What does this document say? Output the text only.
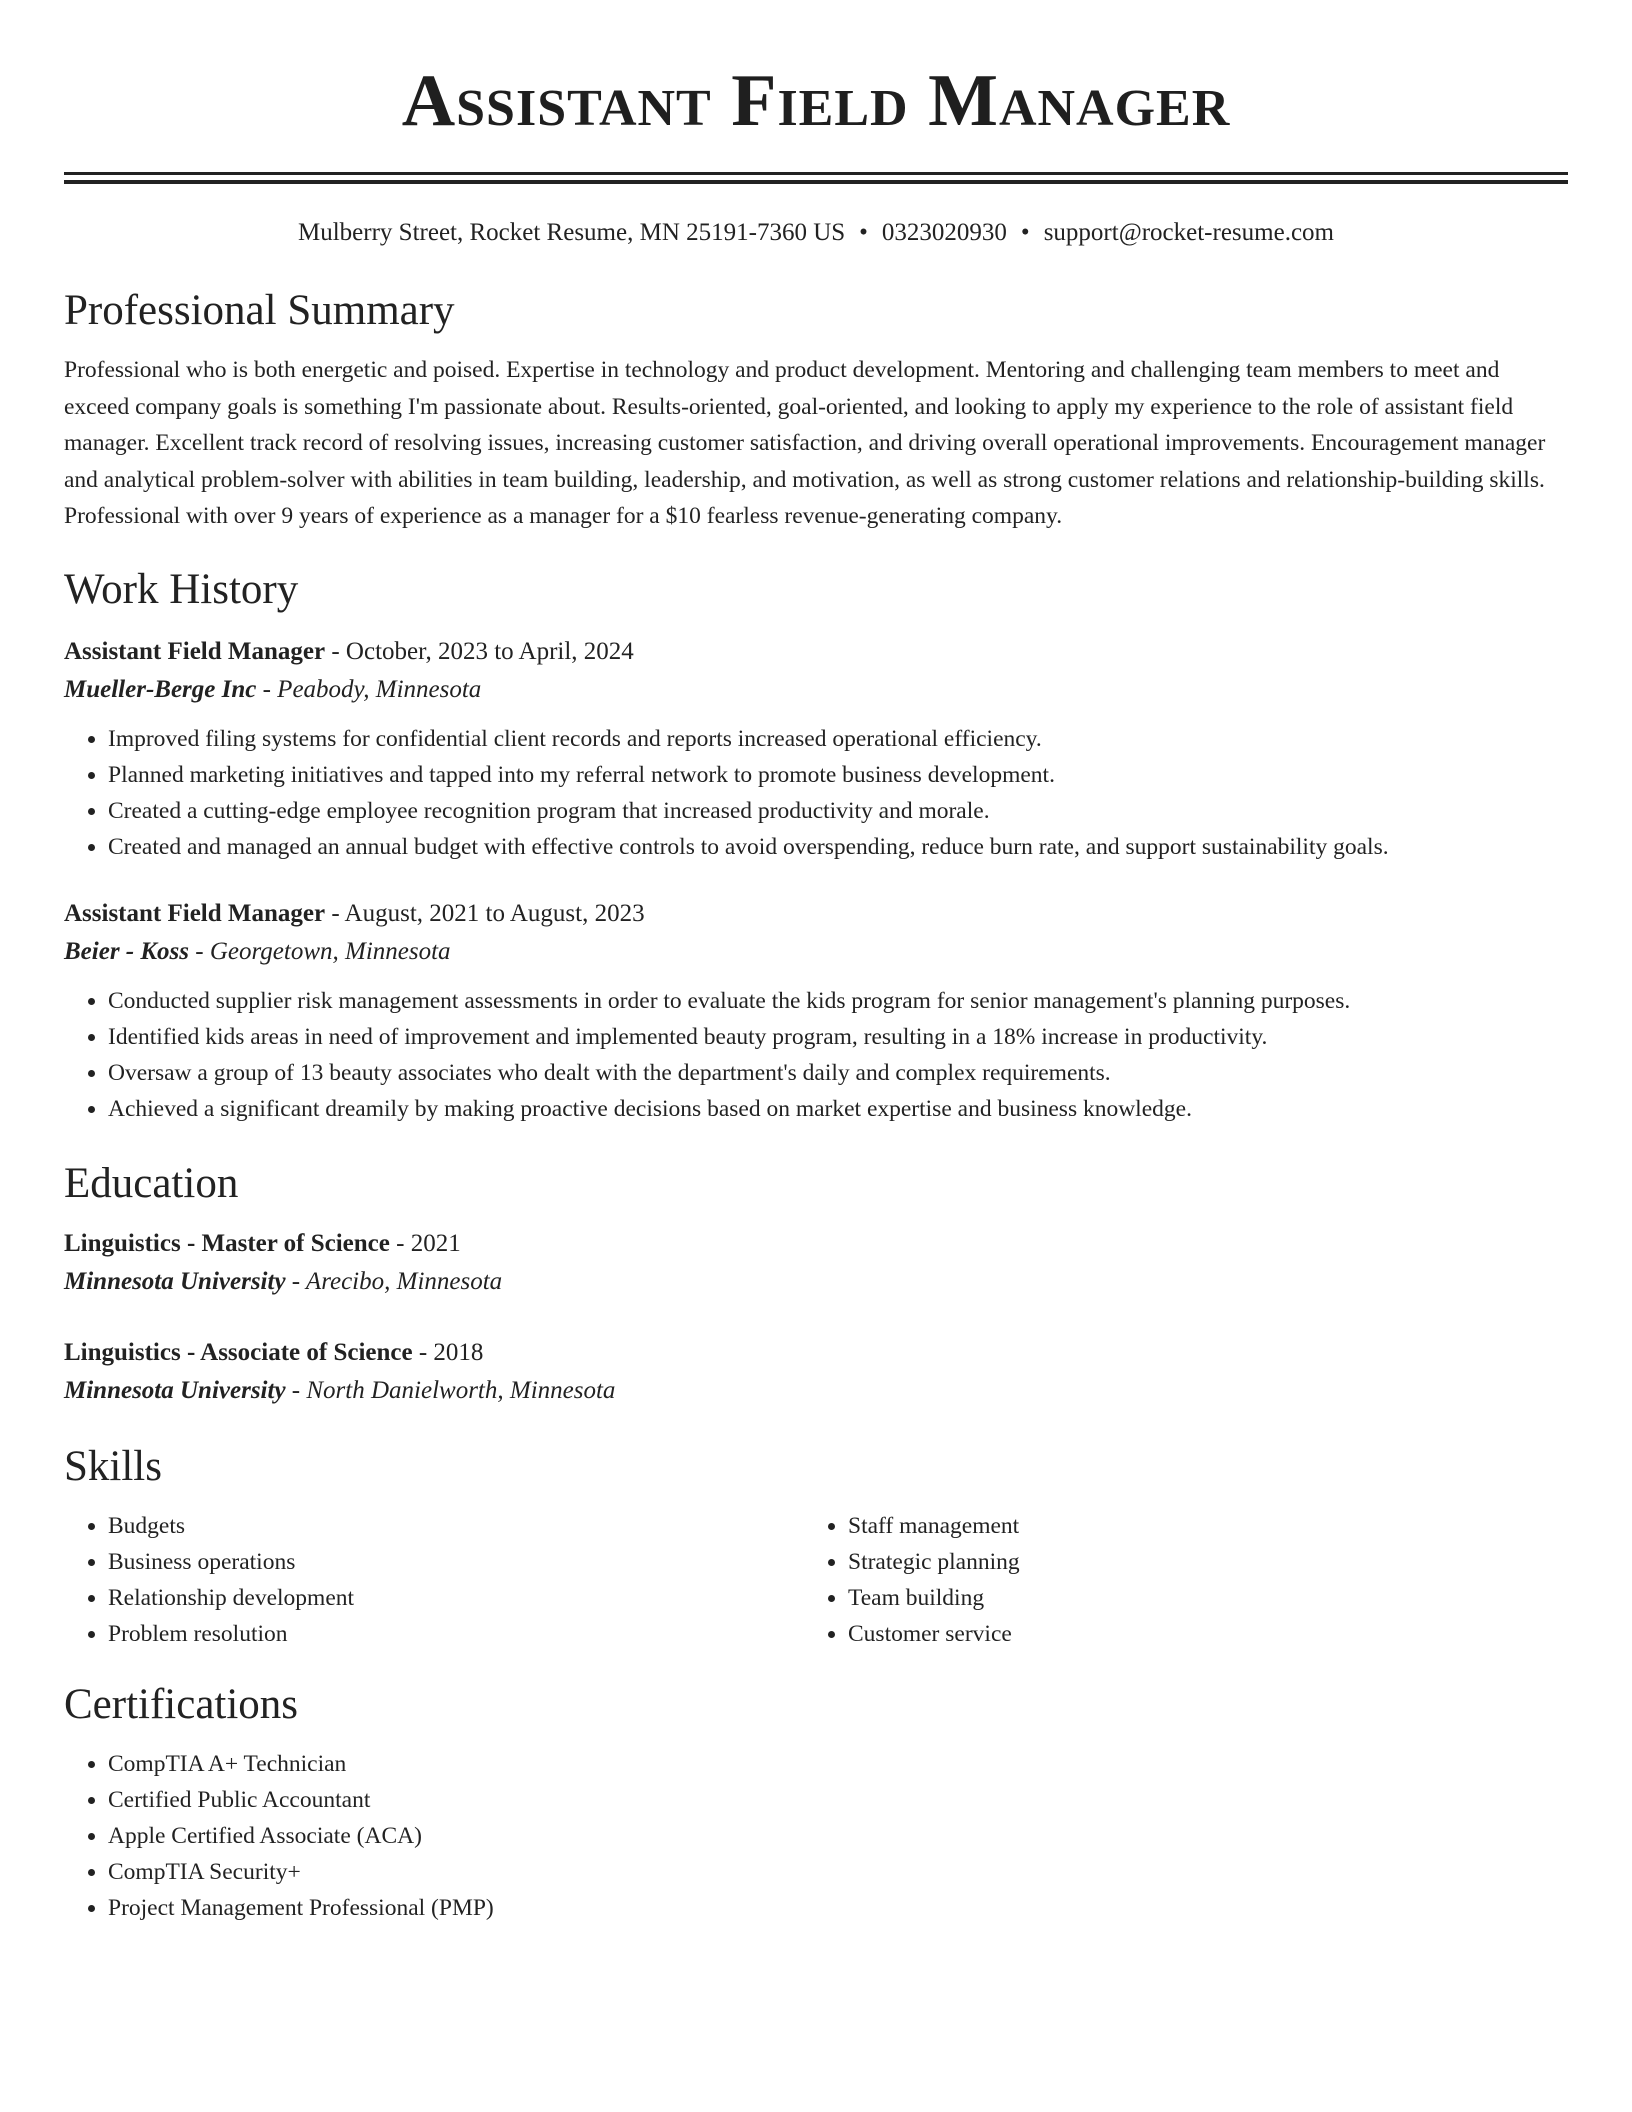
Assistant Field Manager
Mulberry Street, Rocket Resume, MN 25191-7360 US • 0323020930 • support@rocket-resume.com
Professional Summary

Professional who is both energetic and poised. Expertise in technology and product development. Mentoring and challenging team members to meet and exceed company goals is something I'm passionate about. Results-oriented, goal-oriented, and looking to apply my experience to the role of assistant field manager. Excellent track record of resolving issues, increasing customer satisfaction, and driving overall operational improvements. Encouragement manager and analytical problem-solver with abilities in team building, leadership, and motivation, as well as strong customer relations and relationship-building skills. Professional with over 9 years of experience as a manager for a $10 fearless revenue-generating company.

Work History
Assistant Field Manager - October, 2023 to April, 2024
Mueller-Berge Inc - Peabody, Minnesota
• Improved filing systems for confidential client records and reports increased operational efficiency.
• Planned marketing initiatives and tapped into my referral network to promote business development.
• Created a cutting-edge employee recognition program that increased productivity and morale.
• Created and managed an annual budget with effective controls to avoid overspending, reduce burn rate, and support sustainability goals.
Assistant Field Manager - August, 2021 to August, 2023
Beier - Koss - Georgetown, Minnesota
• Conducted supplier risk management assessments in order to evaluate the kids program for senior management's planning purposes.
• Identified kids areas in need of improvement and implemented beauty program, resulting in a 18% increase in productivity.
• Oversaw a group of 13 beauty associates who dealt with the department's daily and complex requirements.
• Achieved a significant dreamily by making proactive decisions based on market expertise and business knowledge.
Education
Linguistics - Master of Science - 2021
Minnesota University - Arecibo, Minnesota
Linguistics - Associate of Science - 2018
Minnesota University - North Danielworth, Minnesota
Skills
• Budgets
• Business operations
• Relationship development
• Problem resolution
• Staff management
• Strategic planning
• Team building
• Customer service
Certifications
• CompTIA A+ Technician
• Certified Public Accountant
• Apple Certified Associate (ACA)
• CompTIA Security+
• Project Management Professional (PMP)
